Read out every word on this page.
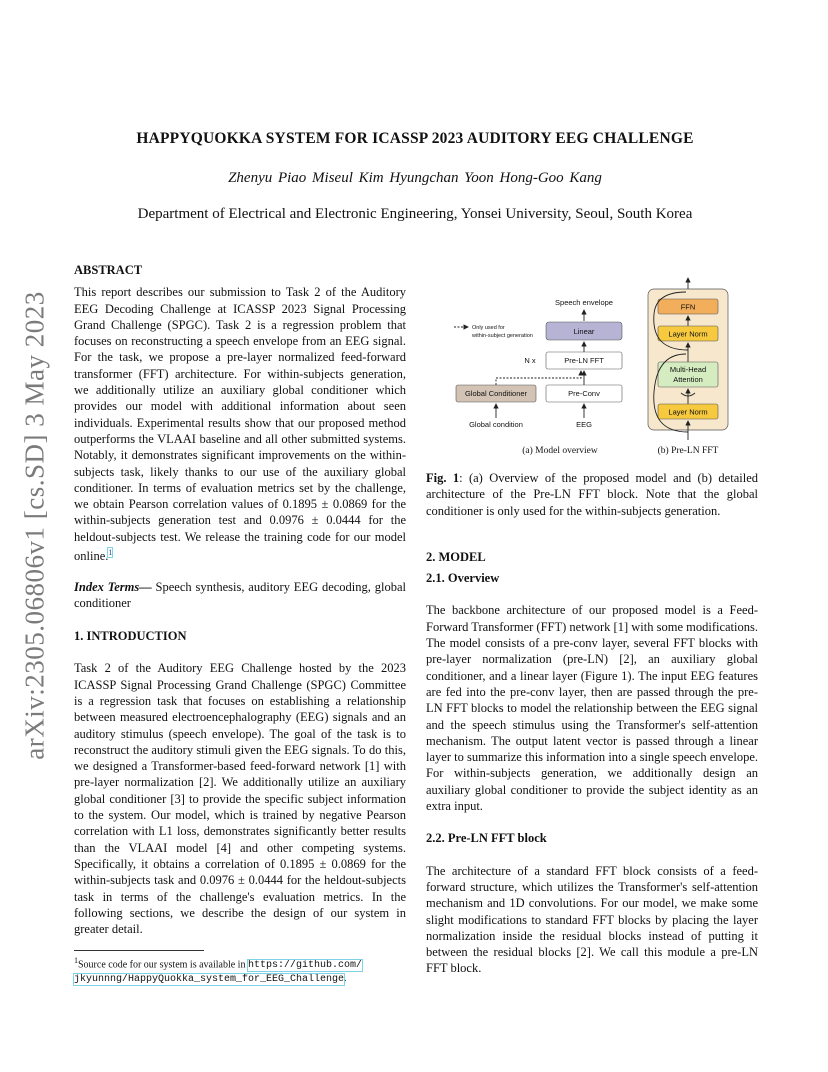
arXiv:2305.06806v1 [cs.SD] 3 May 2023
HAPPYQUOKKA SYSTEM FOR ICASSP 2023 AUDITORY EEG CHALLENGE
Zhenyu Piao Miseul Kim Hyungchan Yoon Hong-Goo Kang
Department of Electrical and Electronic Engineering, Yonsei University, Seoul, South Korea

ABSTRACT

This report describes our submission to Task 2 of the Auditory EEG Decoding Challenge at ICASSP 2023 Signal Processing Grand Challenge (SPGC). Task 2 is a regression problem that focuses on reconstructing a speech envelope from an EEG signal. For the task, we propose a pre-layer normalized feed-forward transformer (FFT) architecture. For within-subjects generation, we additionally utilize an auxiliary global conditioner which provides our model with additional information about seen individuals. Experimental results show that our proposed method outperforms the VLAAI baseline and all other submitted systems. Notably, it demonstrates significant improvements on the within-subjects task, likely thanks to our use of the auxiliary global conditioner. In terms of evaluation metrics set by the challenge, we obtain Pearson correlation values of 0.1895 ± 0.0869 for the within-subjects generation test and 0.0976 ± 0.0444 for the heldout-subjects test. We release the training code for our model online.$^1$

Index Terms— Speech synthesis, auditory EEG decoding, global conditioner

1. INTRODUCTION

Task 2 of the Auditory EEG Challenge hosted by the 2023 ICASSP Signal Processing Grand Challenge (SPGC) Committee is a regression task that focuses on establishing a relationship between measured electroencephalography (EEG) signals and an auditory stimulus (speech envelope). The goal of the task is to reconstruct the auditory stimuli given the EEG signals. To do this, we designed a Transformer-based feed-forward network [1] with pre-layer normalization [2]. We additionally utilize an auxiliary global conditioner [3] to provide the specific subject information to the system. Our model, which is trained by negative Pearson correlation with L1 loss, demonstrates significantly better results than the VLAAI model [4] and other competing systems. Specifically, it obtains a correlation of 0.1895 ± 0.0869 for the within-subjects task and 0.0976 ± 0.0444 for the heldout-subjects task in terms of the challenge's evaluation metrics. In the following sections, we describe the design of our system in greater detail.

$^1$Source code for our system is available in https://github.com/
jkyunnng/HappyQuokka_system_for_EEG_Challenge.

Speech envelope
Linear
Pre-LN FFT
N x
Pre-Conv
EEG
Global Conditioner
Global condition
Only used for
within-subject generation
(a) Model overview
FFN
Layer Norm
Multi-Head
Attention
Layer Norm
(b) Pre-LN FFT

Fig. 1: (a) Overview of the proposed model and (b) detailed architecture of the Pre-LN FFT block. Note that the global conditioner is only used for the within-subjects generation.

2. MODEL

2.1. Overview

The backbone architecture of our proposed model is a Feed-Forward Transformer (FFT) network [1] with some modifications. The model consists of a pre-conv layer, several FFT blocks with pre-layer normalization (pre-LN) [2], an auxiliary global conditioner, and a linear layer (Figure 1). The input EEG features are fed into the pre-conv layer, then are passed through the pre-LN FFT blocks to model the relationship between the EEG signal and the speech stimulus using the Transformer's self-attention mechanism. The output latent vector is passed through a linear layer to summarize this information into a single speech envelope. For within-subjects generation, we additionally design an auxiliary global conditioner to provide the subject identity as an extra input.

2.2. Pre-LN FFT block

The architecture of a standard FFT block consists of a feed-forward structure, which utilizes the Transformer's self-attention mechanism and 1D convolutions. For our model, we make some slight modifications to standard FFT blocks by placing the layer normalization inside the residual blocks instead of putting it between the residual blocks [2]. We call this module a pre-LN FFT block.
